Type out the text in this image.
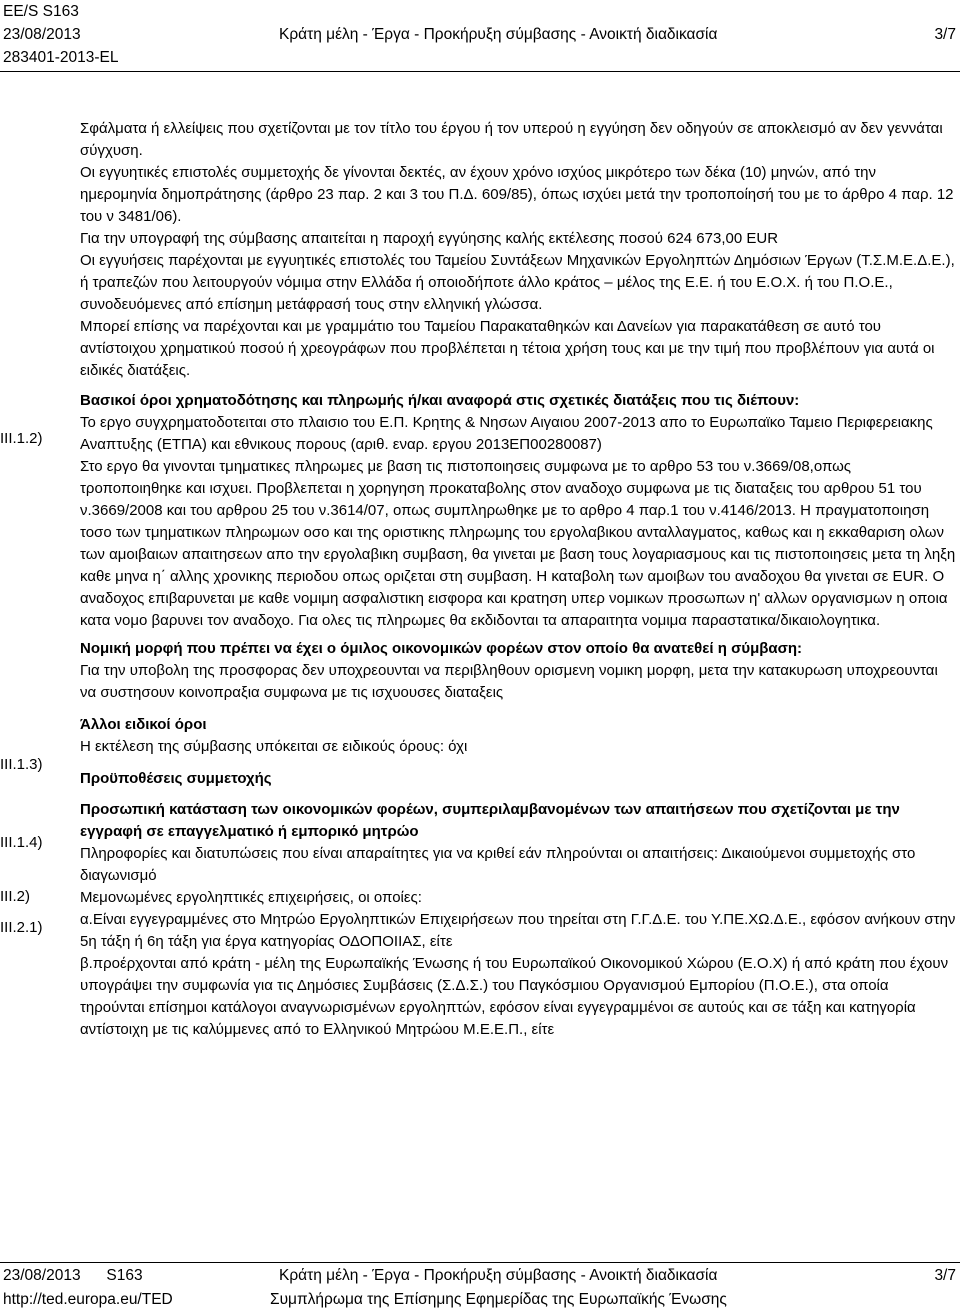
EE/S S163
23/08/2013
283401-2013-EL
Κράτη μέλη - Έργα - Προκήρυξη σύμβασης - Ανοικτή διαδικασία	3/7
III.1.2)
III.1.3)
III.1.4)
III.2)
III.2.1)

Σφάλματα ή ελλείψεις που σχετίζονται με τον τίτλο του έργου ή τον υπερού η εγγύηση δεν οδηγούν σε αποκλεισμό αν δεν γεννάται σύγχυση.

Οι εγγυητικές επιστολές συμμετοχής δε γίνονται δεκτές, αν έχουν χρόνο ισχύος μικρότερο των δέκα (10) μηνών, από την ημερομηνία δημοπράτησης (άρθρο 23 παρ. 2 και 3 του Π.Δ. 609/85), όπως ισχύει μετά την τροποποίησή του με το άρθρο 4 παρ. 12 του ν 3481/06).

Για την υπογραφή της σύμβασης απαιτείται η παροχή εγγύησης καλής εκτέλεσης ποσού 624 673,00 EUR

Οι εγγυήσεις παρέχονται με εγγυητικές επιστολές του Ταμείου Συντάξεων Μηχανικών Εργοληπτών Δημόσιων Έργων (Τ.Σ.Μ.Ε.Δ.Ε.), ή τραπεζών που λειτουργούν νόμιμα στην Ελλάδα ή οποιοδήποτε άλλο κράτος – μέλος της Ε.Ε. ή του Ε.Ο.Χ. ή του Π.Ο.Ε., συνοδευόμενες από επίσημη μετάφρασή τους στην ελληνική γλώσσα.

Μπορεί επίσης να παρέχονται και με γραμμάτιο του Ταμείου Παρακαταθηκών και Δανείων για παρακατάθεση σε αυτό του αντίστοιχου χρηματικού ποσού ή χρεογράφων που προβλέπεται η τέτοια χρήση τους και με την τιμή που προβλέπουν για αυτά οι ειδικές διατάξεις.

Βασικοί όροι χρηματοδότησης και πληρωμής ή/και αναφορά στις σχετικές διατάξεις που τις διέπουν:

Το εργο συγχρηματοδοτειται στο πλαισιο του Ε.Π. Κρητης & Νησων Αιγαιου 2007-2013 απο το Ευρωπαϊκο Ταμειο Περιφερειακης Αναπτυξης (ΕΤΠΑ) και εθνικους πορους (αριθ. εναρ. εργου 2013ΕΠ00280087)

Στο εργο θα γινονται τμηματικες πληρωμες με βαση τις πιστοποιησεις συμφωνα με το αρθρο 53 του ν.3669/08,οπως τροποποιηθηκε και ισχυει. Προβλεπεται η χορηγηση προκαταβολης στον αναδοχο συμφωνα με τις διαταξεις του αρθρου 51 του ν.3669/2008 και του αρθρου 25 του ν.3614/07, οπως συμπληρωθηκε με το αρθρο 4 παρ.1 του ν.4146/2013. Η πραγματοποιηση τοσο των τμηματικων πληρωμων οσο και της οριστικης πληρωμης του εργολαβικου ανταλλαγματος, καθως και η εκκαθαριση ολων των αμοιβαιων απαιτησεων απο την εργολαβικη συμβαση, θα γινεται με βαση τους λογαριασμους και τις πιστοποιησεις μετα τη ληξη καθε μηνα η΄ αλλης χρονικης περιοδου οπως οριζεται στη συμβαση. Η καταβολη των αμοιβων του αναδοχου θα γινεται σε EUR. Ο αναδοχος επιβαρυνεται με καθε νομιμη ασφαλιστικη εισφορα και κρατηση υπερ νομικων προσωπων η' αλλων οργανισμων η οποια κατα νομο βαρυνει τον αναδοχο. Για ολες τις πληρωμες θα εκδιδονται τα απαραιτητα νομιμα παραστατικα/δικαιολογητικα.

Νομική μορφή που πρέπει να έχει ο όμιλος οικονομικών φορέων στον οποίο θα ανατεθεί η σύμβαση:

Για την υποβολη της προσφορας δεν υποχρεουνται να περιβληθουν ορισμενη νομικη μορφη, μετα την κατακυρωση υποχρεουνται να συστησουν κοινοπραξια συμφωνα με τις ισχυουσες διαταξεις

Άλλοι ειδικοί όροι

Η εκτέλεση της σύμβασης υπόκειται σε ειδικούς όρους: όχι

Προϋποθέσεις συμμετοχής

Προσωπική κατάσταση των οικονομικών φορέων, συμπεριλαμβανομένων των απαιτήσεων που σχετίζονται με την εγγραφή σε επαγγελματικό ή εμπορικό μητρώο

Πληροφορίες και διατυπώσεις που είναι απαραίτητες για να κριθεί εάν πληρούνται οι απαιτήσεις: Δικαιούμενοι συμμετοχής στο διαγωνισμό

Μεμονωμένες εργοληπτικές επιχειρήσεις, οι οποίες:

α.Είναι εγγεγραμμένες στο Μητρώο Εργοληπτικών Επιχειρήσεων που τηρείται στη Γ.Γ.Δ.Ε. του Υ.ΠΕ.ΧΩ.Δ.Ε., εφόσον ανήκουν στην 5η τάξη ή 6η τάξη για έργα κατηγορίας ΟΔΟΠΟΙΙΑΣ, είτε

β.προέρχονται από κράτη - μέλη της Ευρωπαϊκής Ένωσης ή του Ευρωπαϊκού Οικονομικού Χώρου (Ε.Ο.Χ) ή από κράτη που έχουν υπογράψει την συμφωνία για τις Δημόσιες Συμβάσεις (Σ.Δ.Σ.) του Παγκόσμιου Οργανισμού Εμπορίου (Π.Ο.Ε.), στα οποία τηρούνται επίσημοι κατάλογοι αναγνωρισμένων εργοληπτών, εφόσον είναι εγγεγραμμένοι σε αυτούς και σε τάξη και κατηγορία αντίστοιχη με τις καλύμμενες από το Ελληνικού Μητρώου Μ.Ε.Ε.Π., είτε

23/08/2013 S163
http://ted.europa.eu/TED
Κράτη μέλη - Έργα - Προκήρυξη σύμβασης - Ανοικτή διαδικασία
Συμπλήρωμα της Επίσημης Εφημερίδας της Ευρωπαϊκής Ένωσης
3/7
